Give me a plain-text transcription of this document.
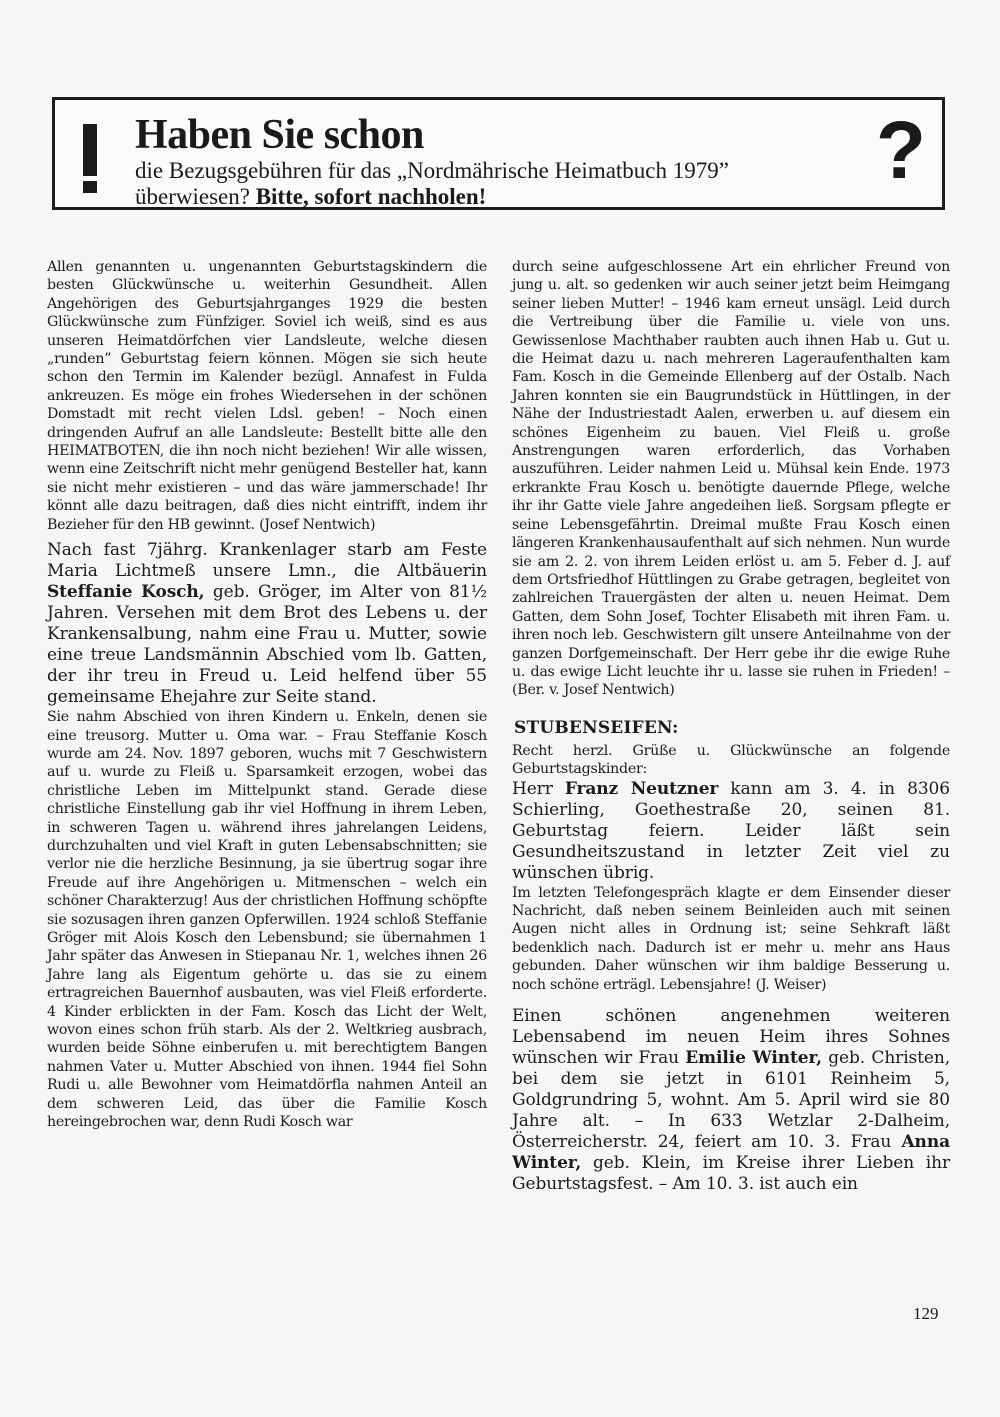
Haben Sie schon
die Bezugsgebühren für das „Nordmährische Heimatbuch 1979”
überwiesen? Bitte, sofort nachholen!
?

Allen genannten u. ungenannten Geburtstagskindern die besten Glückwünsche u. weiterhin Gesundheit. Allen Angehörigen des Geburtsjahrganges 1929 die besten Glückwünsche zum Fünfziger. Soviel ich weiß, sind es aus unseren Heimatdörfchen vier Landsleute, welche diesen „runden” Geburtstag feiern können. Mögen sie sich heute schon den Termin im Kalender bezügl. Annafest in Fulda ankreuzen. Es möge ein frohes Wiedersehen in der schönen Domstadt mit recht vielen Ldsl. geben! – Noch einen dringenden Aufruf an alle Landsleute: Bestellt bitte alle den HEIMATBOTEN, die ihn noch nicht beziehen! Wir alle wissen, wenn eine Zeitschrift nicht mehr genügend Besteller hat, kann sie nicht mehr existieren – und das wäre jammerschade! Ihr könnt alle dazu beitragen, daß dies nicht eintrifft, indem ihr Bezieher für den HB gewinnt. (Josef Nentwich)

Nach fast 7jährg. Krankenlager starb am Feste Maria Lichtmeß unsere Lmn., die Altbäuerin Steffanie Kosch, geb. Gröger, im Alter von 81½ Jahren. Versehen mit dem Brot des Lebens u. der Krankensalbung, nahm eine Frau u. Mutter, sowie eine treue Landsmännin Abschied vom lb. Gatten, der ihr treu in Freud u. Leid helfend über 55 gemeinsame Ehejahre zur Seite stand.

Sie nahm Abschied von ihren Kindern u. Enkeln, denen sie eine treusorg. Mutter u. Oma war. – Frau Steffanie Kosch wurde am 24. Nov. 1897 geboren, wuchs mit 7 Geschwistern auf u. wurde zu Fleiß u. Sparsamkeit erzogen, wobei das christliche Leben im Mittelpunkt stand. Gerade diese christliche Einstellung gab ihr viel Hoffnung in ihrem Leben, in schweren Tagen u. während ihres jahrelangen Leidens, durchzuhalten und viel Kraft in guten Lebensabschnitten; sie verlor nie die herzliche Besinnung, ja sie übertrug sogar ihre Freude auf ihre Angehörigen u. Mitmenschen – welch ein schöner Charakterzug! Aus der christlichen Hoffnung schöpfte sie sozusagen ihren ganzen Opferwillen. 1924 schloß Steffanie Gröger mit Alois Kosch den Lebensbund; sie übernahmen 1 Jahr später das Anwesen in Stiepanau Nr. 1, welches ihnen 26 Jahre lang als Eigentum gehörte u. das sie zu einem ertragreichen Bauernhof ausbauten, was viel Fleiß erforderte. 4 Kinder erblickten in der Fam. Kosch das Licht der Welt, wovon eines schon früh starb. Als der 2. Weltkrieg ausbrach, wurden beide Söhne einberufen u. mit berechtigtem Bangen nahmen Vater u. Mutter Abschied von ihnen. 1944 fiel Sohn Rudi u. alle Bewohner vom Heimatdörfla nahmen Anteil an dem schweren Leid, das über die Familie Kosch hereingebrochen war, denn Rudi Kosch war

durch seine aufgeschlossene Art ein ehrlicher Freund von jung u. alt. so gedenken wir auch seiner jetzt beim Heimgang seiner lieben Mutter! – 1946 kam erneut unsägl. Leid durch die Vertreibung über die Familie u. viele von uns. Gewissenlose Machthaber raubten auch ihnen Hab u. Gut u. die Heimat dazu u. nach mehreren Lageraufenthalten kam Fam. Kosch in die Gemeinde Ellenberg auf der Ostalb. Nach Jahren konnten sie ein Baugrundstück in Hüttlingen, in der Nähe der Industriestadt Aalen, erwerben u. auf diesem ein schönes Eigenheim zu bauen. Viel Fleiß u. große Anstrengungen waren erforderlich, das Vorhaben auszuführen. Leider nahmen Leid u. Mühsal kein Ende. 1973 erkrankte Frau Kosch u. benötigte dauernde Pflege, welche ihr ihr Gatte viele Jahre angedeihen ließ. Sorgsam pflegte er seine Lebensgefährtin. Dreimal mußte Frau Kosch einen längeren Krankenhausaufenthalt auf sich nehmen. Nun wurde sie am 2. 2. von ihrem Leiden erlöst u. am 5. Feber d. J. auf dem Ortsfriedhof Hüttlingen zu Grabe getragen, begleitet von zahlreichen Trauergästen der alten u. neuen Heimat. Dem Gatten, dem Sohn Josef, Tochter Elisabeth mit ihren Fam. u. ihren noch leb. Geschwistern gilt unsere Anteilnahme von der ganzen Dorfgemeinschaft. Der Herr gebe ihr die ewige Ruhe u. das ewige Licht leuchte ihr u. lasse sie ruhen in Frieden! – (Ber. v. Josef Nentwich)

STUBENSEIFEN:

Recht herzl. Grüße u. Glückwünsche an folgende Geburtstagskinder:

Herr Franz Neutzner kann am 3. 4. in 8306 Schierling, Goethestraße 20, seinen 81. Geburtstag feiern. Leider läßt sein Gesundheitszustand in letzter Zeit viel zu wünschen übrig.

Im letzten Telefongespräch klagte er dem Einsender dieser Nachricht, daß neben seinem Beinleiden auch mit seinen Augen nicht alles in Ordnung ist; seine Sehkraft läßt bedenklich nach. Dadurch ist er mehr u. mehr ans Haus gebunden. Daher wünschen wir ihm baldige Besserung u. noch schöne erträgl. Lebensjahre! (J. Weiser)

Einen schönen angenehmen weiteren Lebensabend im neuen Heim ihres Sohnes wünschen wir Frau Emilie Winter, geb. Christen, bei dem sie jetzt in 6101 Reinheim 5, Goldgrundring 5, wohnt. Am 5. April wird sie 80 Jahre alt. – In 633 Wetzlar 2-Dalheim, Österreicherstr. 24, feiert am 10. 3. Frau Anna Winter, geb. Klein, im Kreise ihrer Lieben ihr Geburtstagsfest. – Am 10. 3. ist auch ein

129
